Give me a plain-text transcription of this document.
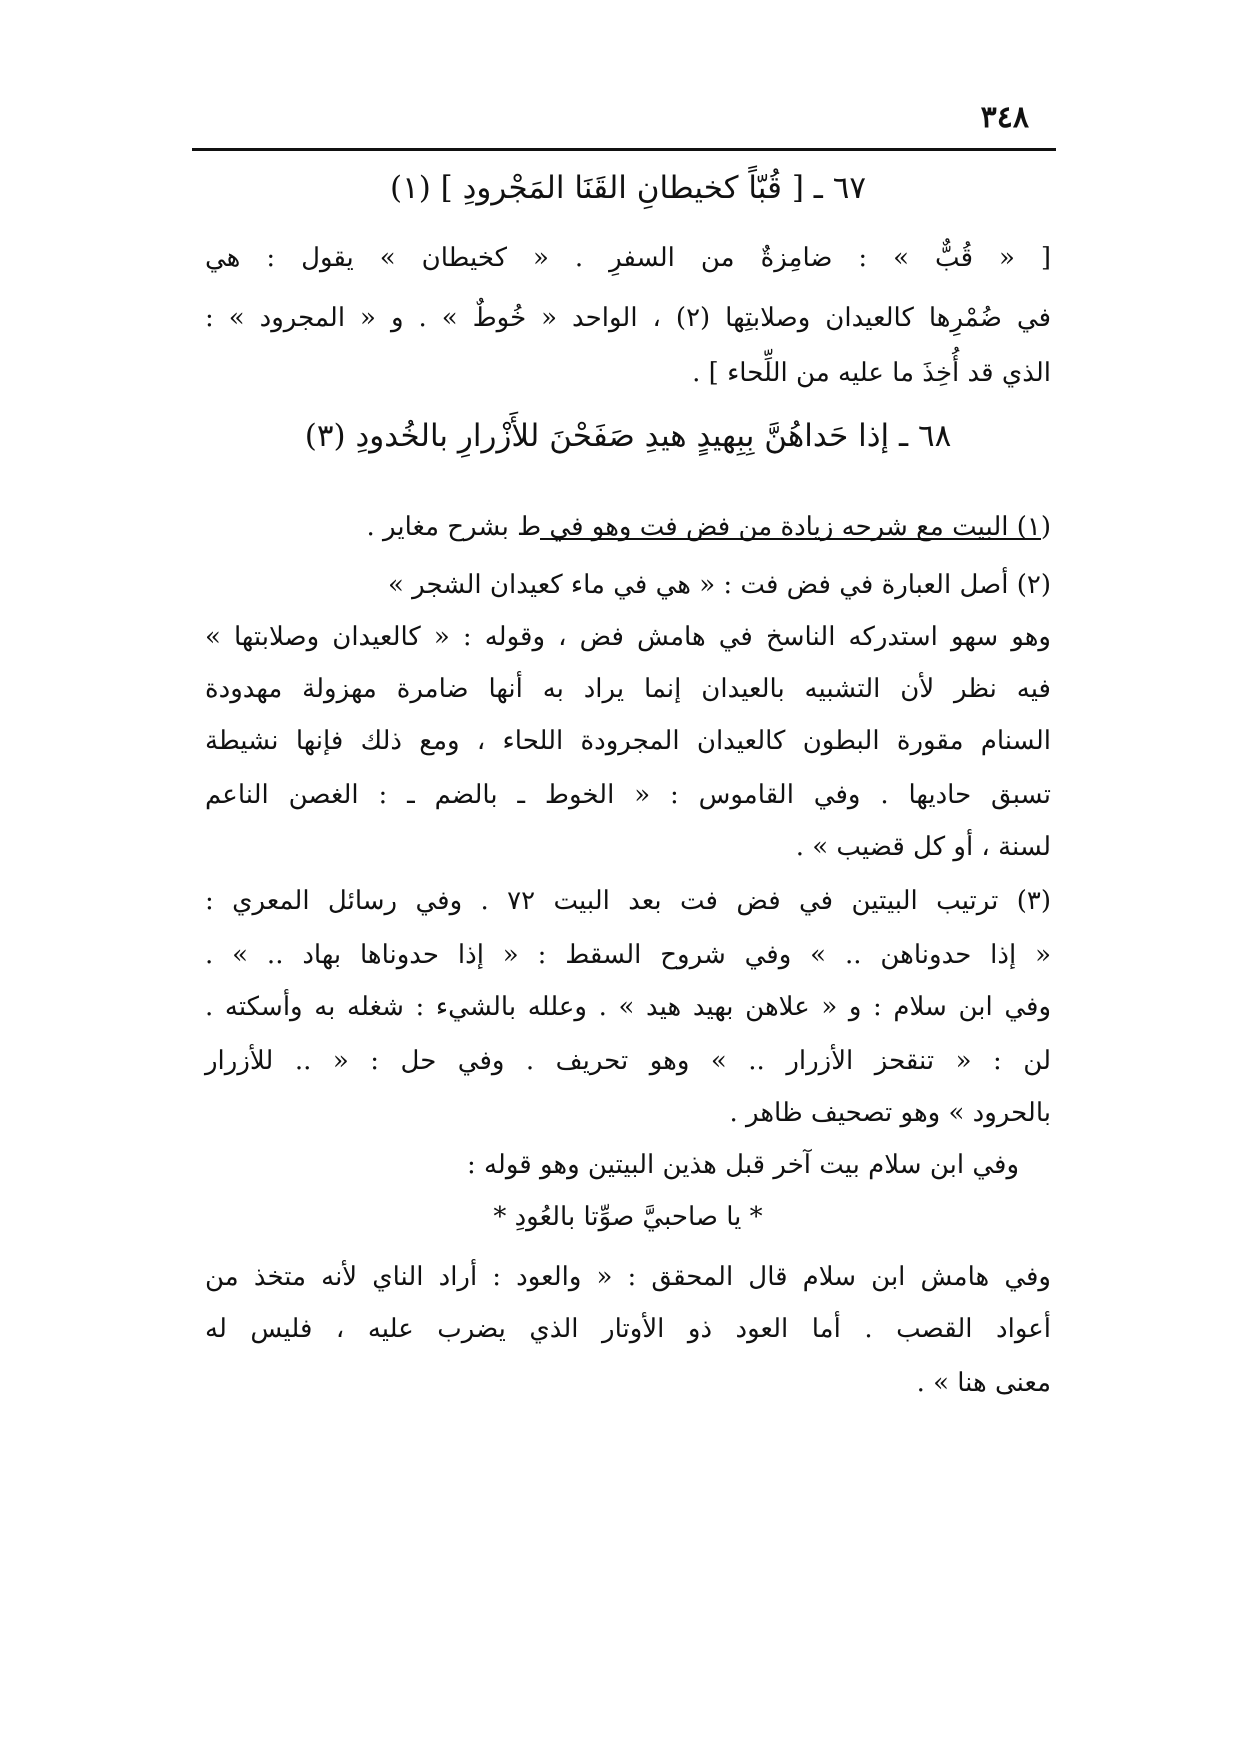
٣٤٨
٦٧ ـ [ قُبّاً كخيطانِ القَنَا المَجْرودِ ] (١)
[ « قُبٌّ » : ضامِزةٌ من السفرِ . « كخيطان » يقول : هي
في ضُمْرِها كالعيدان وصلابتِها (٢) ، الواحد « خُوطٌ » . و « المجرود » :
الذي قد أُخِذَ ما عليه من اللِّحاء ] .
٦٨ ـ إذا حَداهُنَّ بِبِهيدٍ هيدِ صَفَحْنَ للأَزْرارِ بالخُدودِ (٣)
(١) البيت مع شرحه زيادة من فض فت وهو في ط بشرح مغاير .
(٢) أصل العبارة في فض فت : « هي في ماء كعيدان الشجر »
وهو سهو استدركه الناسخ في هامش فض ، وقوله : « كالعيدان وصلابتها »
فيه نظر لأن التشبيه بالعيدان إنما يراد به أنها ضامرة مهزولة مهدودة
السنام مقورة البطون كالعيدان المجرودة اللحاء ، ومع ذلك فإنها نشيطة
تسبق حاديها . وفي القاموس : « الخوط ـ بالضم ـ : الغصن الناعم
لسنة ، أو كل قضيب » .
(٣) ترتيب البيتين في فض فت بعد البيت ٧٢ . وفي رسائل المعري :
« إذا حدوناهن .. » وفي شروح السقط : « إذا حدوناها بهاد .. » .
وفي ابن سلام : و « علاهن بهيد هيد » . وعلله بالشيء : شغله به وأسكته .
لن : « تنقحز الأزرار .. » وهو تحريف . وفي حل : « .. للأزرار
بالحرود » وهو تصحيف ظاهر .
وفي ابن سلام بيت آخر قبل هذين البيتين وهو قوله :
* يا صاحبيَّ صوِّتا بالعُودِ *
وفي هامش ابن سلام قال المحقق : « والعود : أراد الناي لأنه متخذ من
أعواد القصب . أما العود ذو الأوتار الذي يضرب عليه ، فليس له
معنى هنا » .
